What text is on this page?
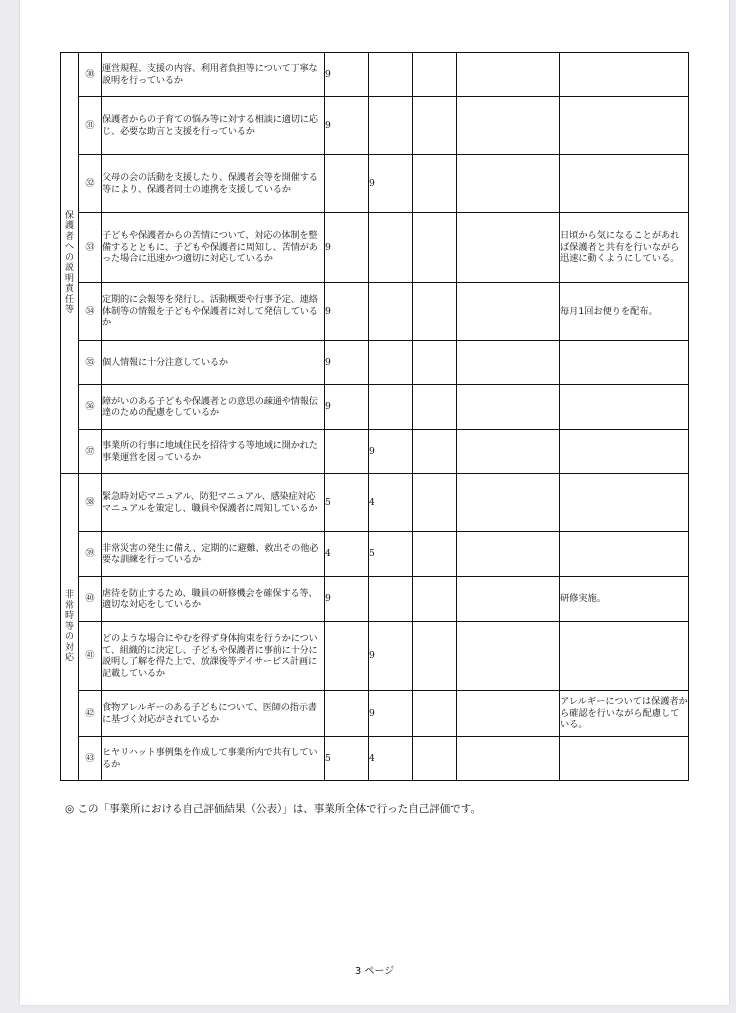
保護者への説明責任等	㉚	運営規程、支援の内容、利用者負担等について丁寧な説明を行っているか	9				
	㉛	保護者からの子育ての悩み等に対する相談に適切に応じ、必要な助言と支援を行っているか	9				
	㉜	父母の会の活動を支援したり、保護者会等を開催する等により、保護者同士の連携を支援しているか		9			
	㉝	子どもや保護者からの苦情について、対応の体制を整備するとともに、子どもや保護者に周知し、苦情があった場合に迅速かつ適切に対応しているか	9				日頃から気になることがあれば保護者と共有を行いながら迅速に動くようにしている。
	㉞	定期的に会報等を発行し、活動概要や行事予定、連絡体制等の情報を子どもや保護者に対して発信しているか	9				毎月1回お便りを配布。
	㉟	個人情報に十分注意しているか	9				
	㊱	障がいのある子どもや保護者との意思の疎通や情報伝達のための配慮をしているか	9				
	㊲	事業所の行事に地域住民を招待する等地域に開かれた事業運営を図っているか		9			
非常時等の対応	㊳	緊急時対応マニュアル、防犯マニュアル、感染症対応マニュアルを策定し、職員や保護者に周知しているか	5	4			
	㊴	非常災害の発生に備え、定期的に避難、救出その他必要な訓練を行っているか	4	5			
	㊵	虐待を防止するため、職員の研修機会を確保する等、適切な対応をしているか	9				研修実施。
	㊶	どのような場合にやむを得ず身体拘束を行うかについて、組織的に決定し、子どもや保護者に事前に十分に説明し了解を得た上で、放課後等デイサービス計画に記載しているか		9			
	㊷	食物アレルギーのある子どもについて、医師の指示書に基づく対応がされているか		9			アレルギーについては保護者から確認を行いながら配慮している。
	㊸	ヒヤリハット事例集を作成して事業所内で共有しているか	5	4			
◎ この「事業所における自己評価結果（公表）」は、事業所全体で行った自己評価です。
3 ページ
